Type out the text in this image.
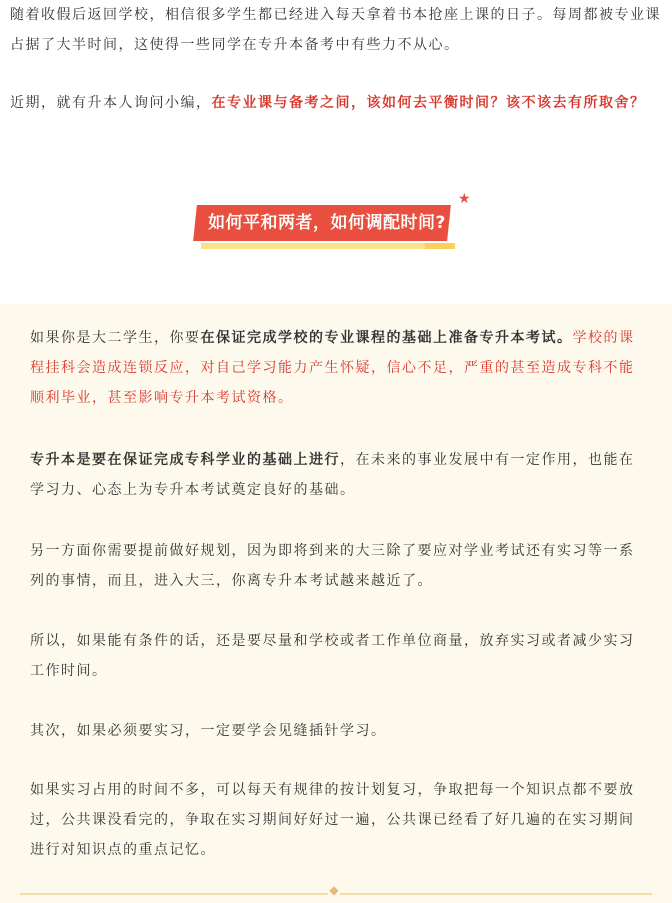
随着收假后返回学校，相信很多学生都已经进入每天拿着书本抢座上课的日子。每周都被专业课占据了大半时间，这使得一些同学在专升本备考中有些力不从心。

近期，就有升本人询问小编，在专业课与备考之间，该如何去平衡时间？该不该去有所取舍？

★
如何平和两者，如何调配时间?

如果你是大二学生，你要在保证完成学校的专业课程的基础上准备专升本考试。学校的课程挂科会造成连锁反应，对自己学习能力产生怀疑，信心不足，严重的甚至造成专科不能顺利毕业，甚至影响专升本考试资格。

专升本是要在保证完成专科学业的基础上进行，在未来的事业发展中有一定作用，也能在学习力、心态上为专升本考试奠定良好的基础。

另一方面你需要提前做好规划，因为即将到来的大三除了要应对学业考试还有实习等一系列的事情，而且，进入大三，你离专升本考试越来越近了。

所以，如果能有条件的话，还是要尽量和学校或者工作单位商量，放弃实习或者减少实习工作时间。

其次，如果必须要实习，一定要学会见缝插针学习。

如果实习占用的时间不多，可以每天有规律的按计划复习，争取把每一个知识点都不要放过，公共课没看完的，争取在实习期间好好过一遍，公共课已经看了好几遍的在实习期间进行对知识点的重点记忆。

◆
